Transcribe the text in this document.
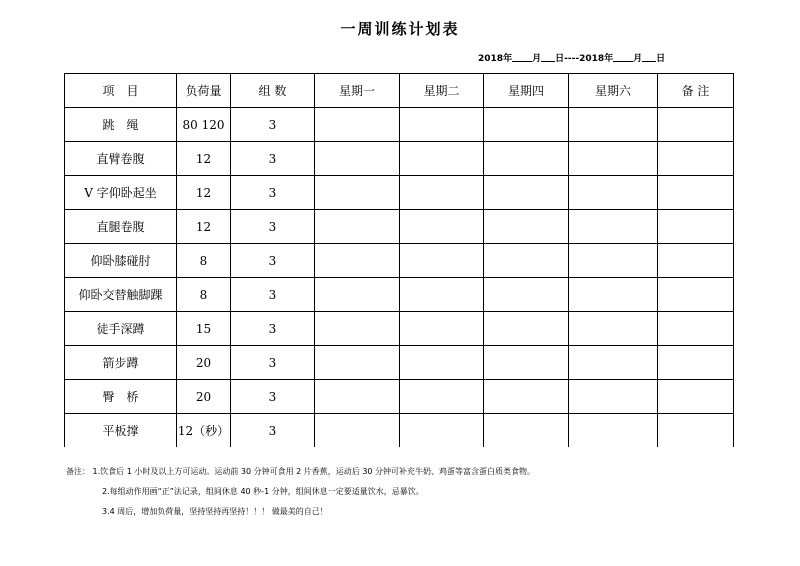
一周训练计划表
2018年 月 日----2018年 月 日
项　目	负荷量	组 数	星期一	星期二	星期四	星期六	备 注
跳　绳	80 120	3					
直臂卷腹	12	3					
V 字仰卧起坐	12	3					
直腿卷腹	12	3					
仰卧膝碰肘	8	3					
仰卧交替触脚踝	8	3					
徒手深蹲	15	3					
箭步蹲	20	3					
臀　桥	20	3					
平板撑	12（秒）	3					
备注： 1.饮食后 1 小时及以上方可运动。运动前 30 分钟可食用 2 片香蕉，运动后 30 分钟可补充牛奶、鸡蛋等富含蛋白质类食物。
2.每组动作用画“正”法记录，组间休息 40 秒-1 分钟，组间休息一定要适量饮水，忌暴饮。
3.4 周后，增加负荷量，坚持坚持再坚持！！！ 做最美的自己！
